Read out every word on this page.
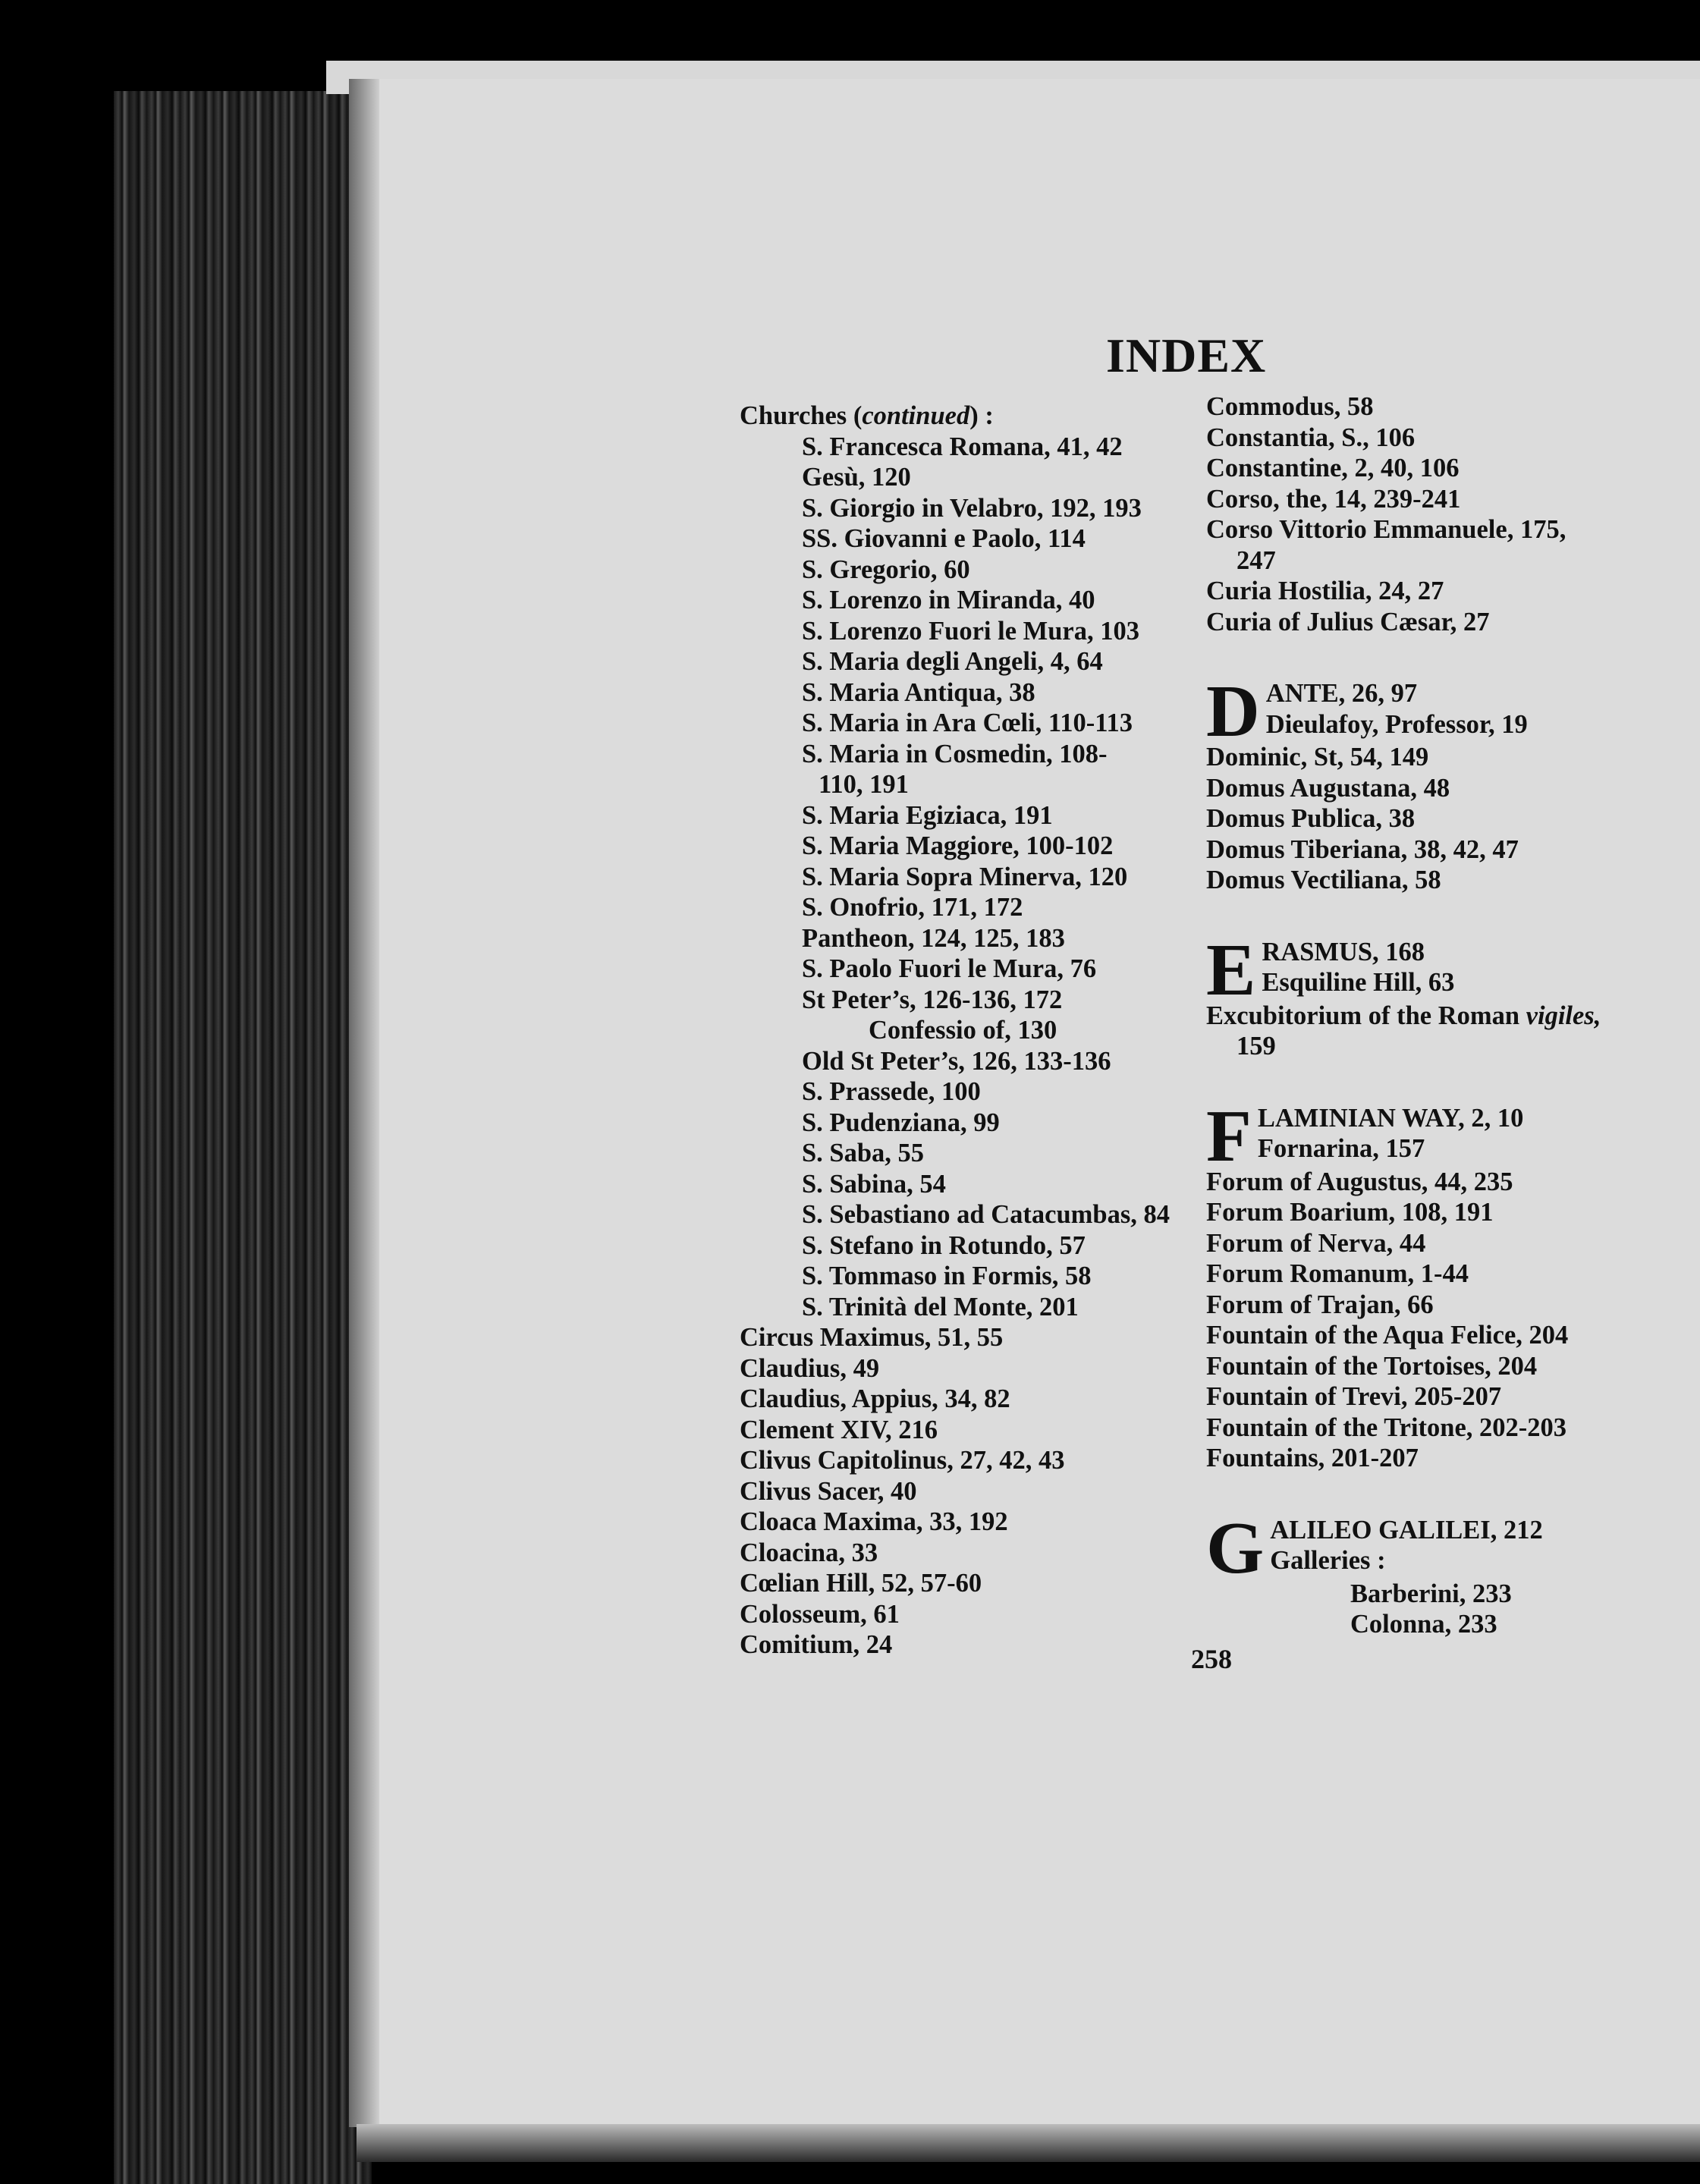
INDEX
Churches (continued) :
S. Francesca Romana, 41, 42
Gesù, 120
S. Giorgio in Velabro, 192, 193
SS. Giovanni e Paolo, 114
S. Gregorio, 60
S. Lorenzo in Miranda, 40
S. Lorenzo Fuori le Mura, 103
S. Maria degli Angeli, 4, 64
S. Maria Antiqua, 38
S. Maria in Ara Cœli, 110-113
S. Maria in Cosmedin, 108-
110, 191
S. Maria Egiziaca, 191
S. Maria Maggiore, 100-102
S. Maria Sopra Minerva, 120
S. Onofrio, 171, 172
Pantheon, 124, 125, 183
S. Paolo Fuori le Mura, 76
St Peter’s, 126-136, 172
Confessio of, 130
Old St Peter’s, 126, 133-136
S. Prassede, 100
S. Pudenziana, 99
S. Saba, 55
S. Sabina, 54
S. Sebastiano ad Catacumbas, 84
S. Stefano in Rotundo, 57
S. Tommaso in Formis, 58
S. Trinità del Monte, 201
Circus Maximus, 51, 55
Claudius, 49
Claudius, Appius, 34, 82
Clement XIV, 216
Clivus Capitolinus, 27, 42, 43
Clivus Sacer, 40
Cloaca Maxima, 33, 192
Cloacina, 33
Cœlian Hill, 52, 57-60
Colosseum, 61
Comitium, 24
Commodus, 58
Constantia, S., 106
Constantine, 2, 40, 106
Corso, the, 14, 239-241
Corso Vittorio Emmanuele, 175,
247
Curia Hostilia, 24, 27
Curia of Julius Cæsar, 27
D ANTE, 26, 97
Dieulafoy, Professor, 19
Dominic, St, 54, 149
Domus Augustana, 48
Domus Publica, 38
Domus Tiberiana, 38, 42, 47
Domus Vectiliana, 58
E RASMUS, 168
Esquiline Hill, 63
Excubitorium of the Roman vigiles,
159
F LAMINIAN WAY, 2, 10
Fornarina, 157
Forum of Augustus, 44, 235
Forum Boarium, 108, 191
Forum of Nerva, 44
Forum Romanum, 1-44
Forum of Trajan, 66
Fountain of the Aqua Felice, 204
Fountain of the Tortoises, 204
Fountain of Trevi, 205-207
Fountain of the Tritone, 202-203
Fountains, 201-207
G ALILEO GALILEI, 212
Galleries :
Barberini, 233
Colonna, 233
258
